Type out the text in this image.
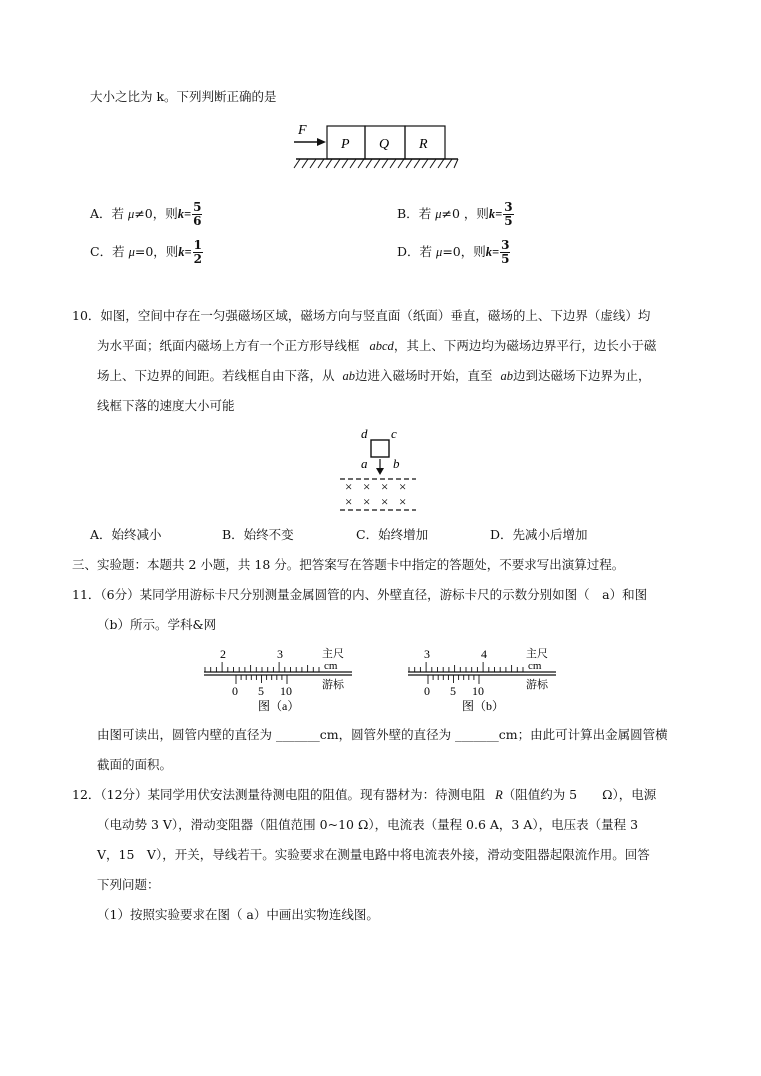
大小之比为 k。下列判断正确的是
F
P Q R
A．若 μ≠0，则$k= \frac{5}{6}$	B．若 μ≠0 ，则$k= \frac{3}{5}$
C．若 μ=0，则$k= \frac{1}{2}$	D．若 μ=0，则$k= \frac{3}{5}$
10．如图，空间中存在一匀强磁场区域，磁场方向与竖直面（纸面）垂直，磁场的上、下边界（虚线）均
为水平面；纸面内磁场上方有一个正方形导线框 abcd，其上、下两边均为磁场边界平行，边长小于磁
场上、下边界的间距。若线框自由下落，从 ab边进入磁场时开始，直至 ab边到达磁场下边界为止，
线框下落的速度大小可能
d c
a b
× × × ×
× × × ×
A．始终减小	B．始终不变	C．始终增加	D．先减小后增加
三、实验题：本题共 2 小题，共 18 分。把答案写在答题卡中指定的答题处，不要求写出演算过程。
11．（6分）某同学用游标卡尺分别测量金属圆管的内、外壁直径，游标卡尺的示数分别如图（　a）和图
（b）所示。学科&网
2	3	主尺
cm
0 5 10	游标
图（a）
3	4	主尺
cm
0 5 10	游标
图（b）
由图可读出，圆管内壁的直径为 _______cm，圆管外壁的直径为 _______cm；由此可计算出金属圆管横
截面的面积。
12．（12分）某同学用伏安法测量待测电阻的阻值。现有器材为：待测电阻 R（阻值约为 5　　Ω），电源
（电动势 3 V），滑动变阻器（阻值范围 0~10 Ω），电流表（量程 0.6 A，3 A），电压表（量程 3
V，15　V），开关，导线若干。实验要求在测量电路中将电流表外接，滑动变阻器起限流作用。回答
下列问题：
（1）按照实验要求在图（ a）中画出实物连线图。
